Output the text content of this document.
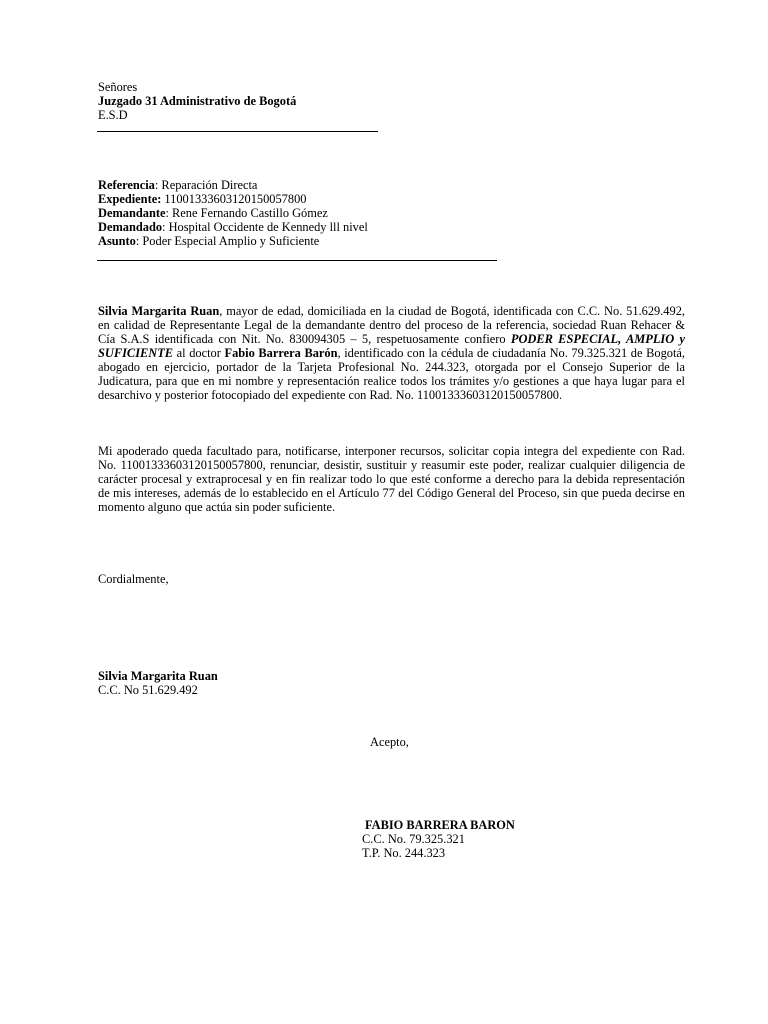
Señores
Juzgado 31 Administrativo de Bogotá
E.S.D
Referencia: Reparación Directa
Expediente: 11001333603120150057800
Demandante: Rene Fernando Castillo Gómez
Demandado: Hospital Occidente de Kennedy lll nivel
Asunto: Poder Especial Amplio y Suficiente

Silvia Margarita Ruan, mayor de edad, domiciliada en la ciudad de Bogotá, identificada con C.C. No. 51.629.492, en calidad de Representante Legal de la demandante dentro del proceso de la referencia, sociedad Ruan Rehacer & Cía S.A.S identificada con Nit. No. 830094305 – 5, respetuosamente confiero PODER ESPECIAL, AMPLIO y SUFICIENTE al doctor Fabio Barrera Barón, identificado con la cédula de ciudadanía No. 79.325.321 de Bogotá, abogado en ejercicio, portador de la Tarjeta Profesional No. 244.323, otorgada por el Consejo Superior de la Judicatura, para que en mi nombre y representación realice todos los trámites y/o gestiones a que haya lugar para el desarchivo y posterior fotocopiado del expediente con Rad. No. 11001333603120150057800.

Mi apoderado queda facultado para, notificarse, interponer recursos, solicitar copia integra del expediente con Rad. No. 11001333603120150057800, renunciar, desistir, sustituir y reasumir este poder, realizar cualquier diligencia de carácter procesal y extraprocesal y en fin realizar todo lo que esté conforme a derecho para la debida representación de mis intereses, además de lo establecido en el Artículo 77 del Código General del Proceso, sin que pueda decirse en momento alguno que actúa sin poder suficiente.

Cordialmente,
Silvia Margarita Ruan
C.C. No 51.629.492
Acepto,
FABIO BARRERA BARON
C.C. No. 79.325.321
T.P. No. 244.323
